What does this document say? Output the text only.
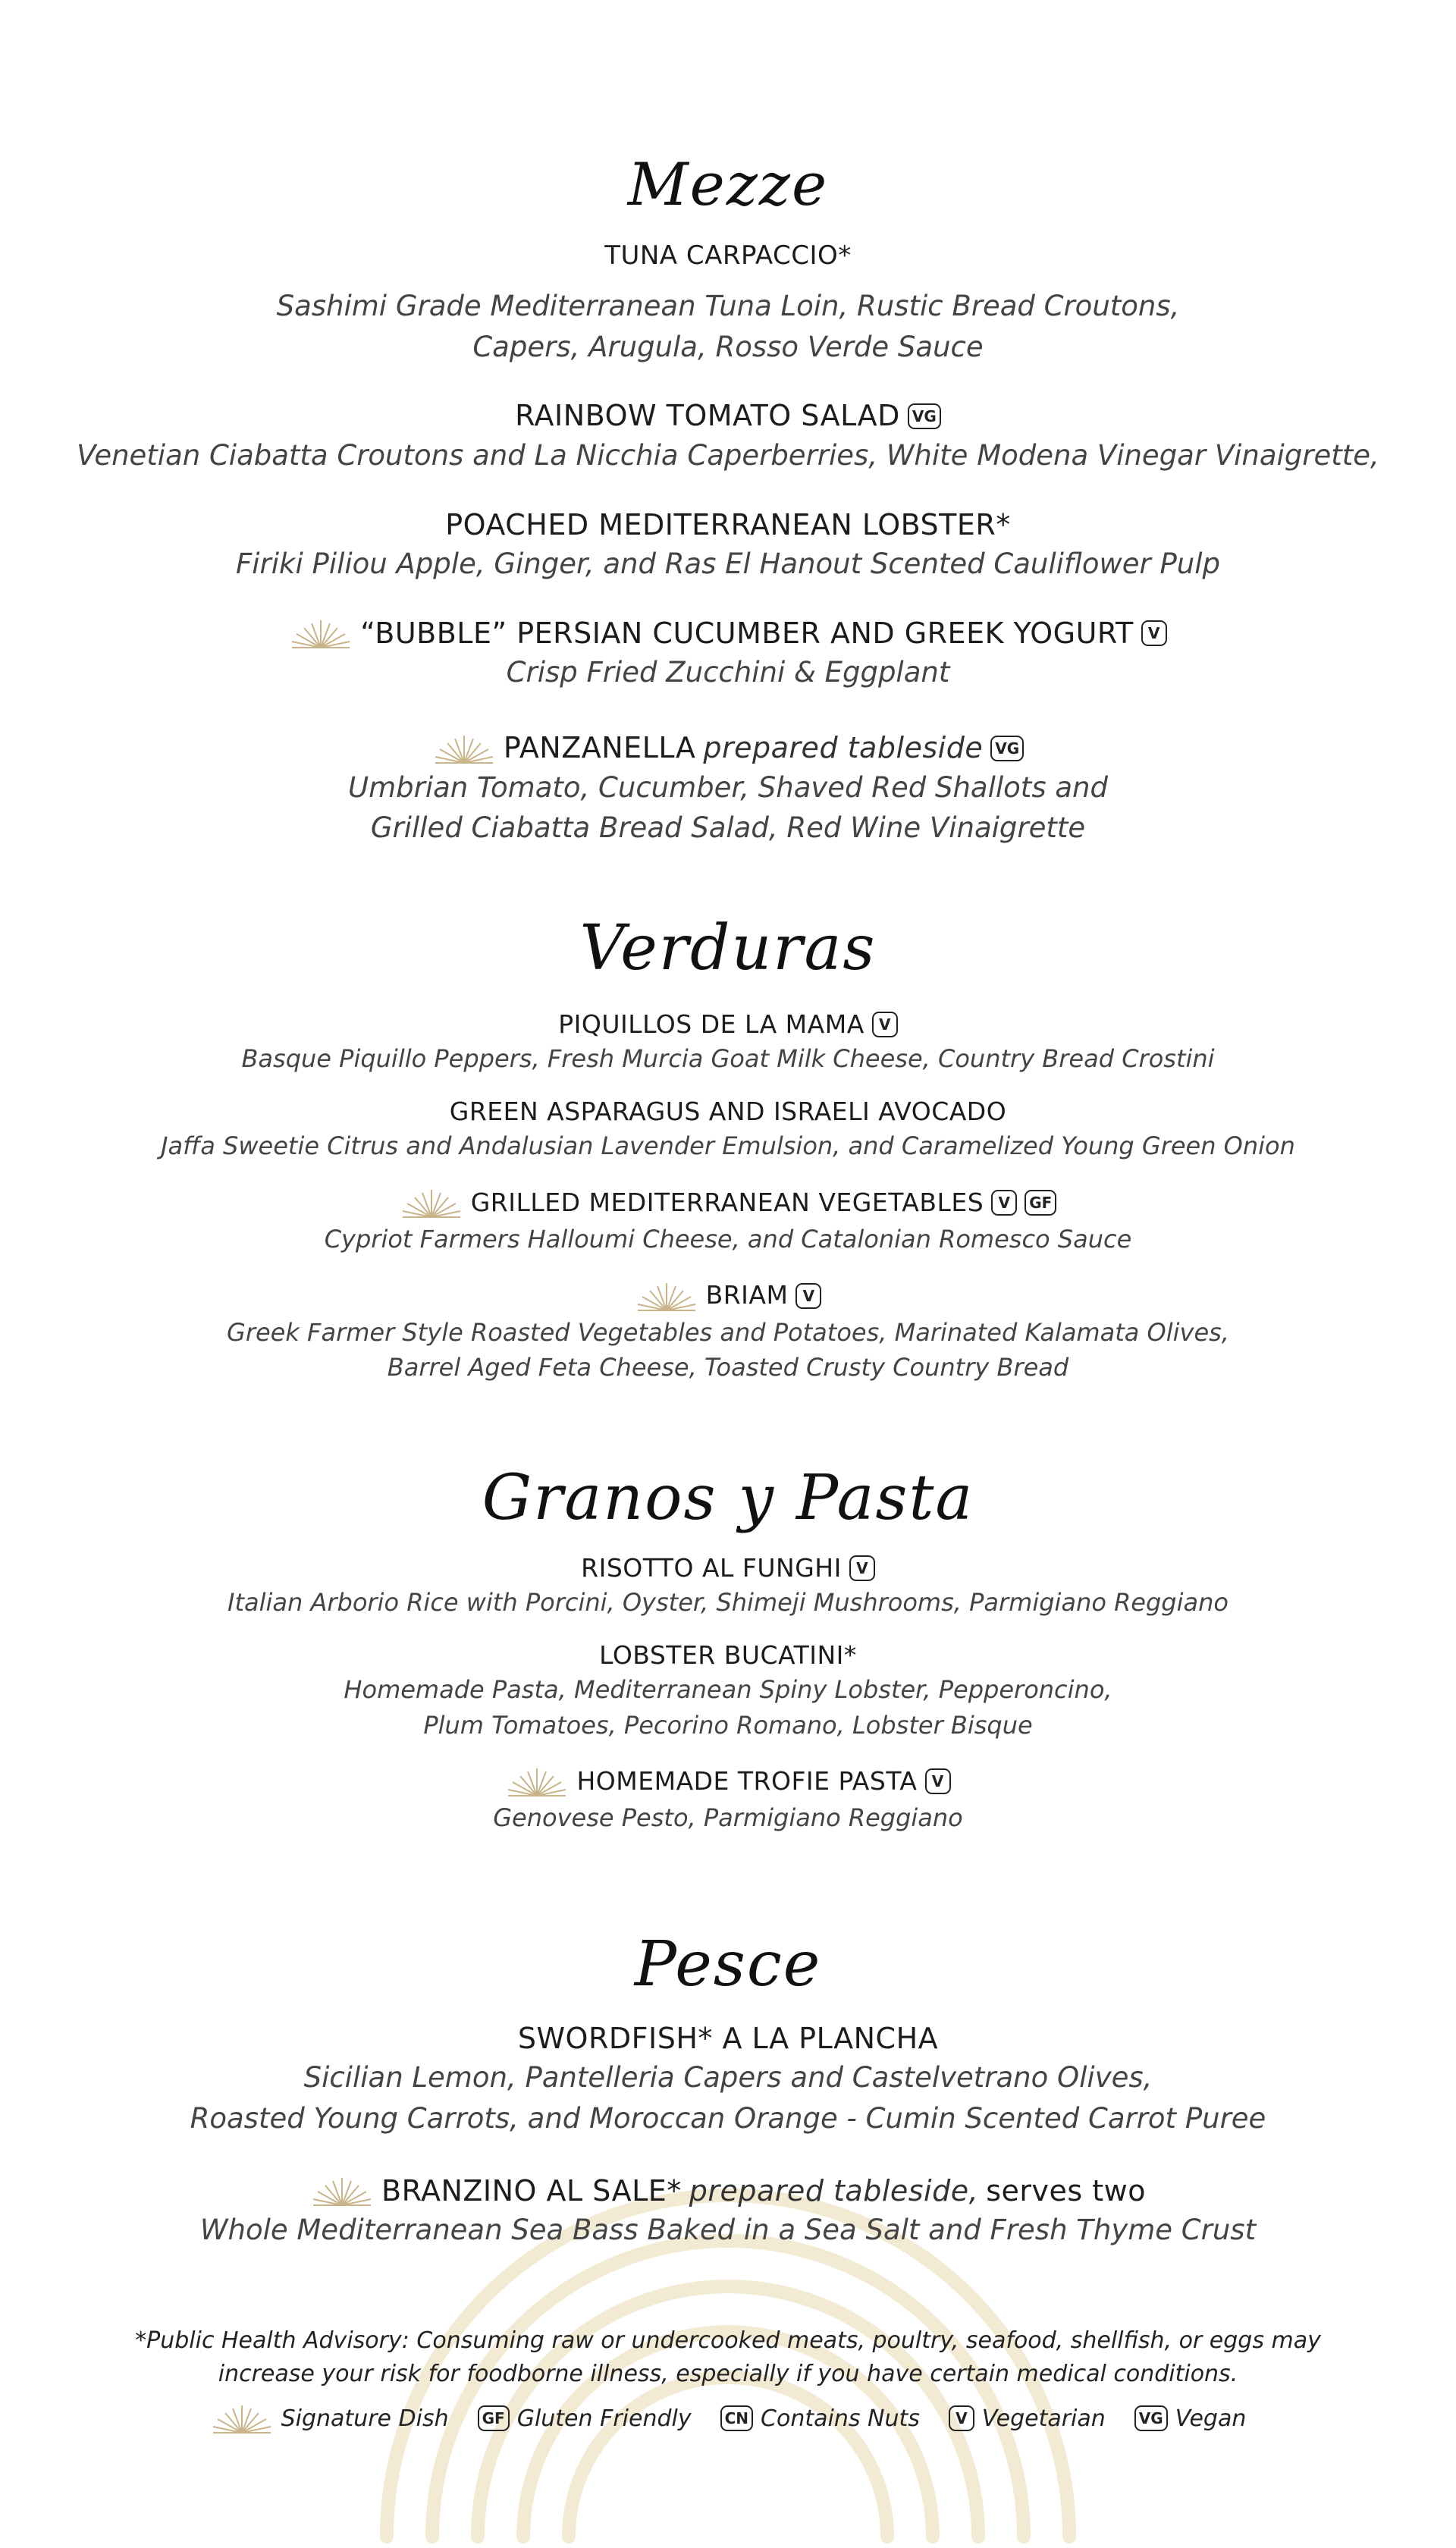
Mezze
TUNA CARPACCIO*

Sashimi Grade Mediterranean Tuna Loin, Rustic Bread Croutons,
Capers, Arugula, Rosso Verde Sauce

RAINBOW TOMATO SALAD VG

Venetian Ciabatta Croutons and La Nicchia Caperberries, White Modena Vinegar Vinaigrette,

POACHED MEDITERRANEAN LOBSTER*

Firiki Piliou Apple, Ginger, and Ras El Hanout Scented Cauliflower Pulp

“BUBBLE” PERSIAN CUCUMBER AND GREEK YOGURT V

Crisp Fried Zucchini & Eggplant

PANZANELLA prepared tableside VG

Umbrian Tomato, Cucumber, Shaved Red Shallots and
Grilled Ciabatta Bread Salad, Red Wine Vinaigrette

Verduras
PIQUILLOS DE LA MAMA V

Basque Piquillo Peppers, Fresh Murcia Goat Milk Cheese, Country Bread Crostini

GREEN ASPARAGUS AND ISRAELI AVOCADO

Jaffa Sweetie Citrus and Andalusian Lavender Emulsion, and Caramelized Young Green Onion

GRILLED MEDITERRANEAN VEGETABLES V	GF

Cypriot Farmers Halloumi Cheese, and Catalonian Romesco Sauce

BRIAM V

Greek Farmer Style Roasted Vegetables and Potatoes, Marinated Kalamata Olives,
Barrel Aged Feta Cheese, Toasted Crusty Country Bread

Granos y Pasta
RISOTTO AL FUNGHI V

Italian Arborio Rice with Porcini, Oyster, Shimeji Mushrooms, Parmigiano Reggiano

LOBSTER BUCATINI*

Homemade Pasta, Mediterranean Spiny Lobster, Pepperoncino,
Plum Tomatoes, Pecorino Romano, Lobster Bisque

HOMEMADE TROFIE PASTA V

Genovese Pesto, Parmigiano Reggiano

Pesce
SWORDFISH* A LA PLANCHA

Sicilian Lemon, Pantelleria Capers and Castelvetrano Olives,
Roasted Young Carrots, and Moroccan Orange - Cumin Scented Carrot Puree

BRANZINO AL SALE* prepared tableside, serves two

Whole Mediterranean Sea Bass Baked in a Sea Salt and Fresh Thyme Crust

*Public Health Advisory: Consuming raw or undercooked meats, poultry, seafood, shellfish, or eggs may
increase your risk for foodborne illness, especially if you have certain medical conditions.
Signature Dish	GF Gluten Friendly	CN Contains Nuts	V Vegetarian	VG Vegan
